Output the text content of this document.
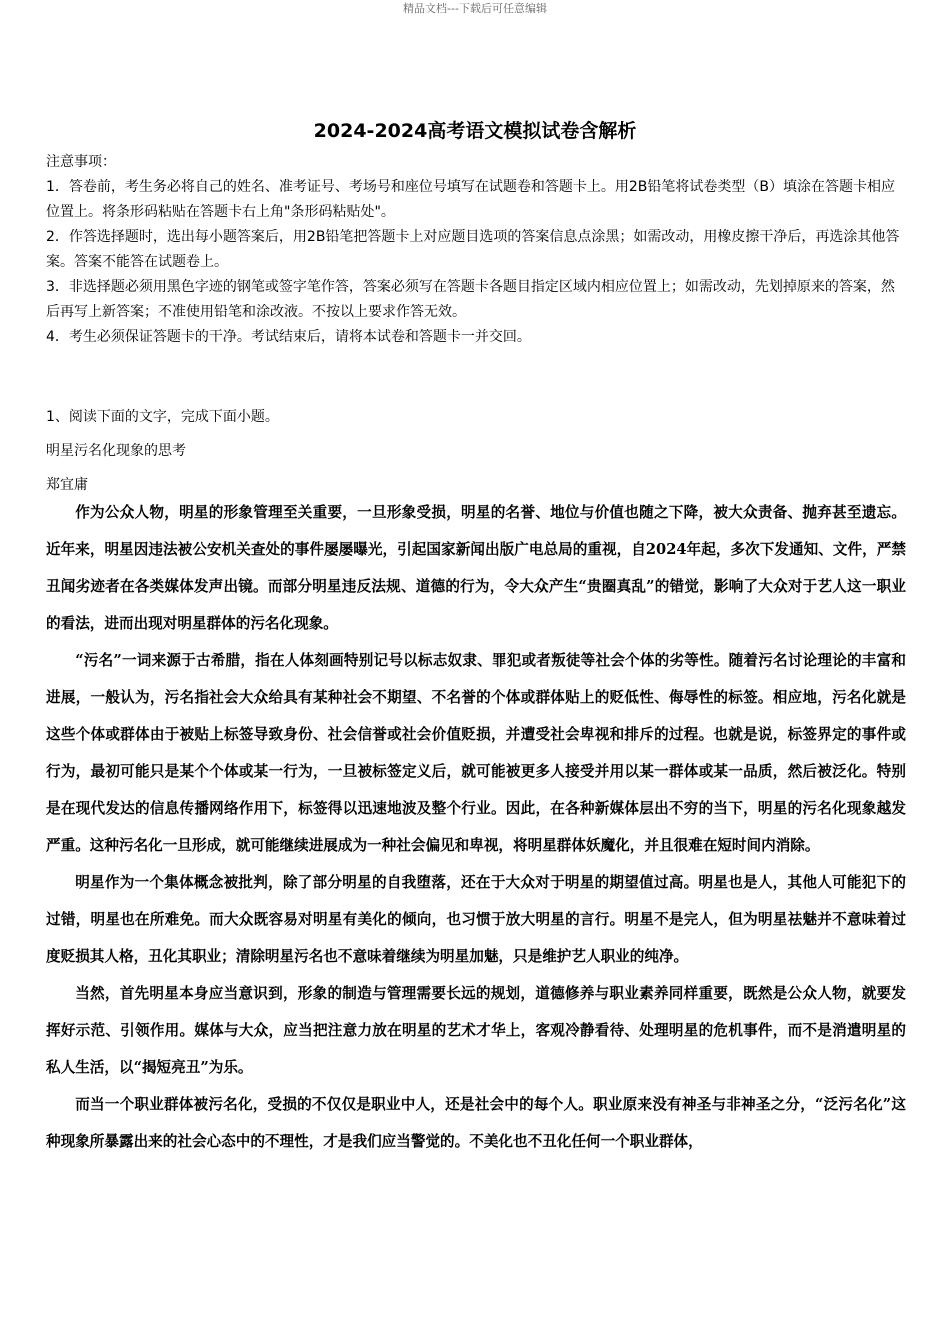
精品文档---下载后可任意编辑
2024-2024高考语文模拟试卷含解析

注意事项：

1．答卷前，考生务必将自己的姓名、准考证号、考场号和座位号填写在试题卷和答题卡上。用2B铅笔将试卷类型（B）填涂在答题卡相应位置上。将条形码粘贴在答题卡右上角"条形码粘贴处"。

2．作答选择题时，选出每小题答案后，用2B铅笔把答题卡上对应题目选项的答案信息点涂黑；如需改动，用橡皮擦干净后，再选涂其他答案。答案不能答在试题卷上。

3．非选择题必须用黑色字迹的钢笔或签字笔作答，答案必须写在答题卡各题目指定区域内相应位置上；如需改动，先划掉原来的答案，然后再写上新答案；不准使用铅笔和涂改液。不按以上要求作答无效。

4．考生必须保证答题卡的干净。考试结束后，请将本试卷和答题卡一并交回。

1、阅读下面的文字，完成下面小题。

明星污名化现象的思考

郑宜庸

作为公众人物，明星的形象管理至关重要，一旦形象受损，明星的名誉、地位与价值也随之下降，被大众责备、抛弃甚至遗忘。近年来，明星因违法被公安机关查处的事件屡屡曝光，引起国家新闻出版广电总局的重视，自2024年起，多次下发通知、文件，严禁丑闻劣迹者在各类媒体发声出镜。而部分明星违反法规、道德的行为，令大众产生“贵圈真乱”的错觉，影响了大众对于艺人这一职业的看法，进而出现对明星群体的污名化现象。

“污名”一词来源于古希腊，指在人体刻画特别记号以标志奴隶、罪犯或者叛徒等社会个体的劣等性。随着污名讨论理论的丰富和进展，一般认为，污名指社会大众给具有某种社会不期望、不名誉的个体或群体贴上的贬低性、侮辱性的标签。相应地，污名化就是这些个体或群体由于被贴上标签导致身份、社会信誉或社会价值贬损，并遭受社会卑视和排斥的过程。也就是说，标签界定的事件或行为，最初可能只是某个个体或某一行为，一旦被标签定义后，就可能被更多人接受并用以某一群体或某一品质，然后被泛化。特别是在现代发达的信息传播网络作用下，标签得以迅速地波及整个行业。因此，在各种新媒体层出不穷的当下，明星的污名化现象越发严重。这种污名化一旦形成，就可能继续进展成为一种社会偏见和卑视，将明星群体妖魔化，并且很难在短时间内消除。

明星作为一个集体概念被批判，除了部分明星的自我堕落，还在于大众对于明星的期望值过高。明星也是人，其他人可能犯下的过错，明星也在所难免。而大众既容易对明星有美化的倾向，也习惯于放大明星的言行。明星不是完人，但为明星祛魅并不意味着过度贬损其人格，丑化其职业；清除明星污名也不意味着继续为明星加魅，只是维护艺人职业的纯净。

当然，首先明星本身应当意识到，形象的制造与管理需要长远的规划，道德修养与职业素养同样重要，既然是公众人物，就要发挥好示范、引领作用。媒体与大众，应当把注意力放在明星的艺术才华上，客观冷静看待、处理明星的危机事件，而不是消遣明星的私人生活，以“揭短亮丑”为乐。

而当一个职业群体被污名化，受损的不仅仅是职业中人，还是社会中的每个人。职业原来没有神圣与非神圣之分，“泛污名化”这种现象所暴露出来的社会心态中的不理性，才是我们应当警觉的。不美化也不丑化任何一个职业群体，
